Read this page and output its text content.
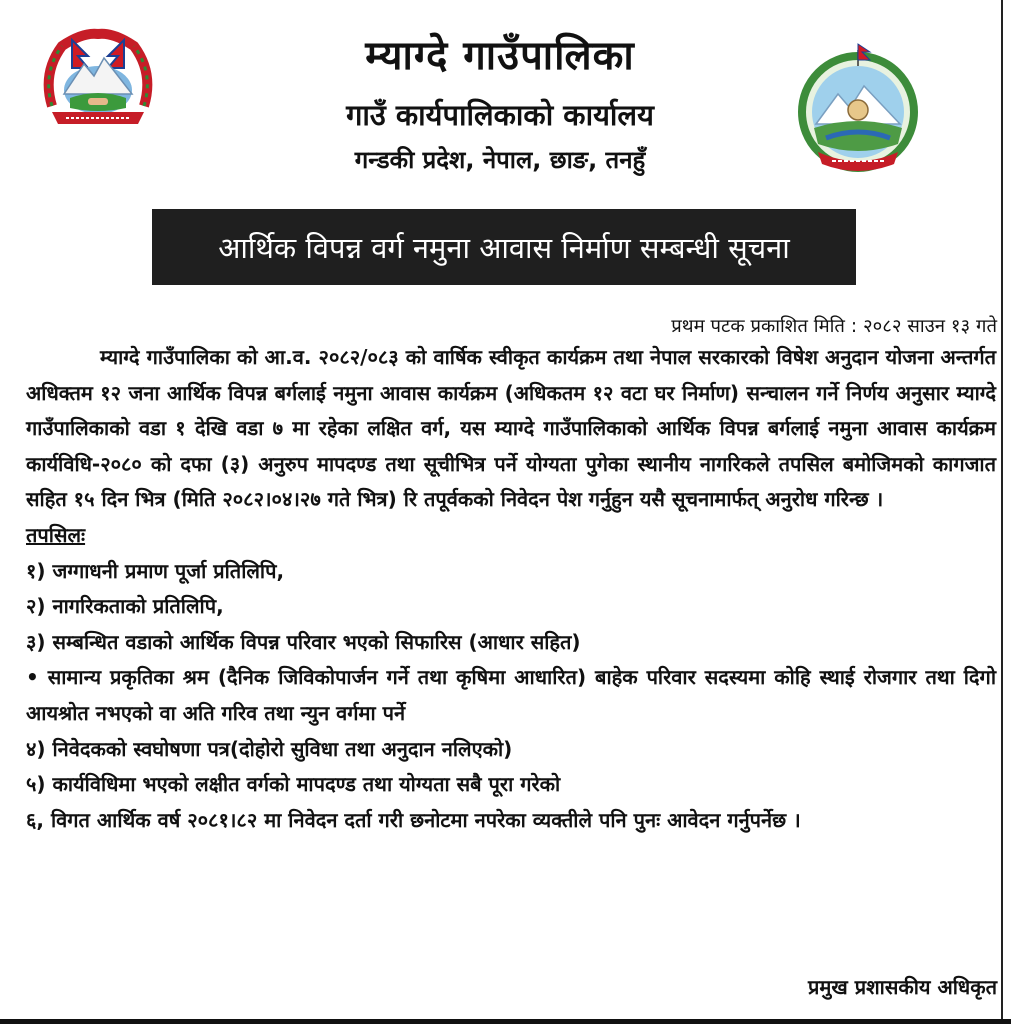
म्याग्दे गाउँपालिका
गाउँ कार्यपालिकाको कार्यालय
गन्डकी प्रदेश, नेपाल, छाङ, तनहुँ
आर्थिक विपन्न वर्ग नमुना आवास निर्माण सम्बन्धी सूचना
प्रथम पटक प्रकाशित मिति : २०८२ साउन १३ गते

म्याग्दे गाउँपालिका को आ.व. २०८२/०८३ को वार्षिक स्वीकृत कार्यक्रम तथा नेपाल सरकारको विषेश अनुदान योजना अन्तर्गत अधिक्तम १२ जना आर्थिक विपन्न बर्गलाई नमुना आवास कार्यक्रम (अधिकतम १२ वटा घर निर्माण) सन्चालन गर्ने निर्णय अनुसार म्याग्दे गाउँपालिकाको वडा १ देखि वडा ७ मा रहेका लक्षित वर्ग, यस म्याग्दे गाउँपालिकाको आर्थिक विपन्न बर्गलाई नमुना आवास कार्यक्रम कार्यविधि-२०८० को दफा (३) अनुरुप मापदण्ड तथा सूचीभित्र पर्ने योग्यता पुगेका स्थानीय नागरिकले तपसिल बमोजिमको कागजात सहित १५ दिन भित्र (मिति २०८२।०४।२७ गते भित्र) रि तपूर्वकको निवेदन पेश गर्नुहुन यसै सूचनामार्फत् अनुरोध गरिन्छ ।

तपसिलः

१) जग्गाधनी प्रमाण पूर्जा प्रतिलिपि,

२) नागरिकताको प्रतिलिपि,

३) सम्बन्धित वडाको आर्थिक विपन्न परिवार भएको सिफारिस (आधार सहित)

• सामान्य प्रकृतिका श्रम (दैनिक जिविकोपार्जन गर्ने तथा कृषिमा आधारित) बाहेक परिवार सदस्यमा कोहि स्थाई रोजगार तथा दिगो आयश्रोत नभएको वा अति गरिव तथा न्युन वर्गमा पर्ने

४) निवेदकको स्वघोषणा पत्र(दोहोरो सुविधा तथा अनुदान नलिएको)

५) कार्यविधिमा भएको लक्षीत वर्गको मापदण्ड तथा योग्यता सबै पूरा गरेको

६, विगत आर्थिक वर्ष २०८१।८२ मा निवेदन दर्ता गरी छनोटमा नपरेका व्यक्तीले पनि पुनः आवेदन गर्नुपर्नेछ ।

प्रमुख प्रशासकीय अधिकृत
